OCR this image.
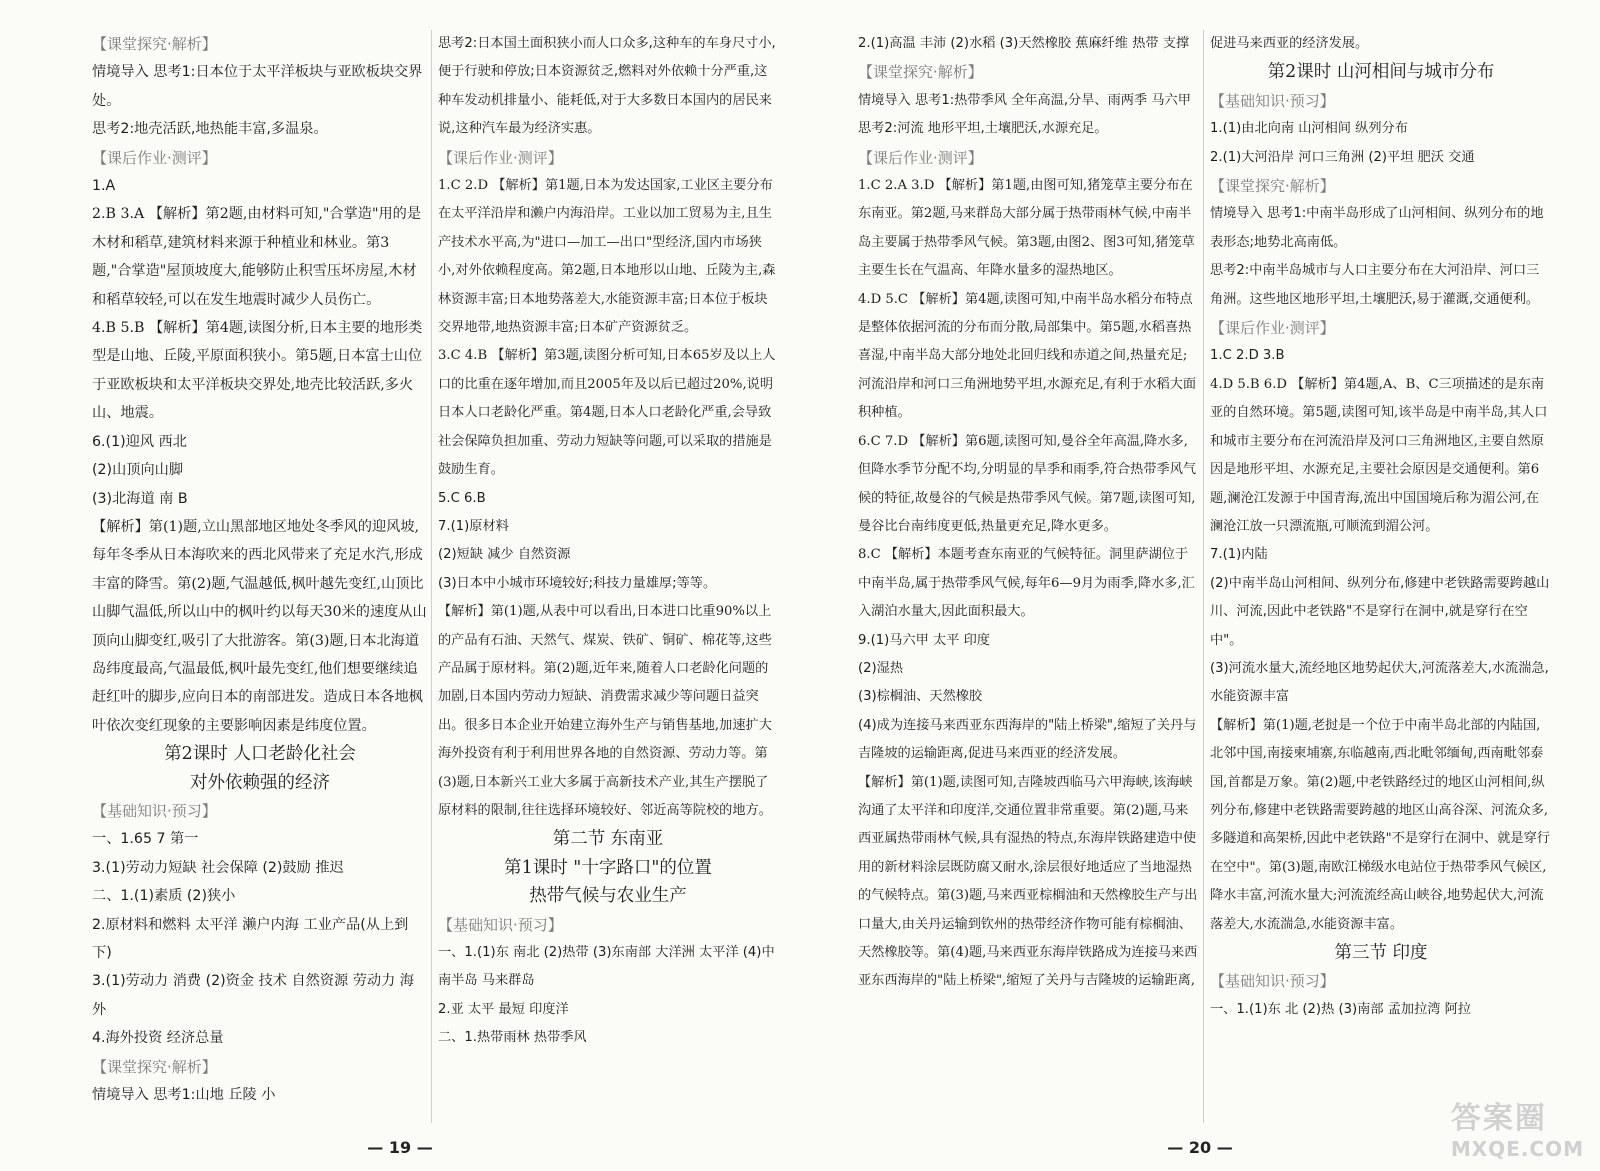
【课堂探究·解析】

情境导入 思考1:日本位于太平洋板块与亚欧板块交界处。

思考2:地壳活跃,地热能丰富,多温泉。

【课后作业·测评】

1.A

2.B 3.A 【解析】第2题,由材料可知,"合掌造"用的是木材和稻草,建筑材料来源于种植业和林业。第3题,"合掌造"屋顶坡度大,能够防止积雪压坏房屋,木材和稻草较轻,可以在发生地震时减少人员伤亡。

4.B 5.B 【解析】第4题,读图分析,日本主要的地形类型是山地、丘陵,平原面积狭小。第5题,日本富士山位于亚欧板块和太平洋板块交界处,地壳比较活跃,多火山、地震。

6.(1)迎风 西北

(2)山顶向山脚

(3)北海道 南 B

【解析】第(1)题,立山黑部地区地处冬季风的迎风坡,每年冬季从日本海吹来的西北风带来了充足水汽,形成丰富的降雪。第(2)题,气温越低,枫叶越先变红,山顶比山脚气温低,所以山中的枫叶约以每天30米的速度从山顶向山脚变红,吸引了大批游客。第(3)题,日本北海道岛纬度最高,气温最低,枫叶最先变红,他们想要继续追赶红叶的脚步,应向日本的南部进发。造成日本各地枫叶依次变红现象的主要影响因素是纬度位置。

第2课时 人口老龄化社会

对外依赖强的经济

【基础知识·预习】

一、1.65 7 第一

3.(1)劳动力短缺 社会保障 (2)鼓励 推迟

二、1.(1)素质 (2)狭小

2.原材料和燃料 太平洋 濑户内海 工业产品(从上到下)

3.(1)劳动力 消费 (2)资金 技术 自然资源 劳动力 海外

4.海外投资 经济总量

【课堂探究·解析】

情境导入 思考1:山地 丘陵 小

思考2:日本国土面积狭小而人口众多,这种车的车身尺寸小,便于行驶和停放;日本资源贫乏,燃料对外依赖十分严重,这种车发动机排量小、能耗低,对于大多数日本国内的居民来说,这种汽车最为经济实惠。

【课后作业·测评】

1.C 2.D 【解析】第1题,日本为发达国家,工业区主要分布在太平洋沿岸和濑户内海沿岸。工业以加工贸易为主,且生产技术水平高,为"进口—加工—出口"型经济,国内市场狭小,对外依赖程度高。第2题,日本地形以山地、丘陵为主,森林资源丰富;日本地势落差大,水能资源丰富;日本位于板块交界地带,地热资源丰富;日本矿产资源贫乏。

3.C 4.B 【解析】第3题,读图分析可知,日本65岁及以上人口的比重在逐年增加,而且2005年及以后已超过20%,说明日本人口老龄化严重。第4题,日本人口老龄化严重,会导致社会保障负担加重、劳动力短缺等问题,可以采取的措施是鼓励生育。

5.C 6.B

7.(1)原材料

(2)短缺 减少 自然资源

(3)日本中小城市环境较好;科技力量雄厚;等等。

【解析】第(1)题,从表中可以看出,日本进口比重90%以上的产品有石油、天然气、煤炭、铁矿、铜矿、棉花等,这些产品属于原材料。第(2)题,近年来,随着人口老龄化问题的加剧,日本国内劳动力短缺、消费需求减少等问题日益突出。很多日本企业开始建立海外生产与销售基地,加速扩大海外投资有利于利用世界各地的自然资源、劳动力等。第(3)题,日本新兴工业大多属于高新技术产业,其生产摆脱了原材料的限制,往往选择环境较好、邻近高等院校的地方。

第二节 东南亚

第1课时 "十字路口"的位置

热带气候与农业生产

【基础知识·预习】

一、1.(1)东 南北 (2)热带 (3)东南部 大洋洲 太平洋 (4)中南半岛 马来群岛

2.亚 太平 最短 印度洋

二、1.热带雨林 热带季风

— 19 —

2.(1)高温 丰沛 (2)水稻 (3)天然橡胶 蕉麻纤维 热带 支撑

【课堂探究·解析】

情境导入 思考1:热带季风 全年高温,分旱、雨两季 马六甲

思考2:河流 地形平坦,土壤肥沃,水源充足。

【课后作业·测评】

1.C 2.A 3.D 【解析】第1题,由图可知,猪笼草主要分布在东南亚。第2题,马来群岛大部分属于热带雨林气候,中南半岛主要属于热带季风气候。第3题,由图2、图3可知,猪笼草主要生长在气温高、年降水量多的湿热地区。

4.D 5.C 【解析】第4题,读图可知,中南半岛水稻分布特点是整体依据河流的分布而分散,局部集中。第5题,水稻喜热喜湿,中南半岛大部分地处北回归线和赤道之间,热量充足;河流沿岸和河口三角洲地势平坦,水源充足,有利于水稻大面积种植。

6.C 7.D 【解析】第6题,读图可知,曼谷全年高温,降水多,但降水季节分配不均,分明显的旱季和雨季,符合热带季风气候的特征,故曼谷的气候是热带季风气候。第7题,读图可知,曼谷比台南纬度更低,热量更充足,降水更多。

8.C 【解析】本题考查东南亚的气候特征。洞里萨湖位于中南半岛,属于热带季风气候,每年6—9月为雨季,降水多,汇入湖泊水量大,因此面积最大。

9.(1)马六甲 太平 印度

(2)湿热

(3)棕榈油、天然橡胶

(4)成为连接马来西亚东西海岸的"陆上桥梁",缩短了关丹与吉隆坡的运输距离,促进马来西亚的经济发展。

【解析】第(1)题,读图可知,吉隆坡西临马六甲海峡,该海峡沟通了太平洋和印度洋,交通位置非常重要。第(2)题,马来西亚属热带雨林气候,具有湿热的特点,东海岸铁路建造中使用的新材料涂层既防腐又耐水,涂层很好地适应了当地湿热的气候特点。第(3)题,马来西亚棕榈油和天然橡胶生产与出口量大,由关丹运输到钦州的热带经济作物可能有棕榈油、天然橡胶等。第(4)题,马来西亚东海岸铁路成为连接马来西亚东西海岸的"陆上桥梁",缩短了关丹与吉隆坡的运输距离,

促进马来西亚的经济发展。

第2课时 山河相间与城市分布

【基础知识·预习】

1.(1)由北向南 山河相间 纵列分布

2.(1)大河沿岸 河口三角洲 (2)平坦 肥沃 交通

【课堂探究·解析】

情境导入 思考1:中南半岛形成了山河相间、纵列分布的地表形态;地势北高南低。

思考2:中南半岛城市与人口主要分布在大河沿岸、河口三角洲。这些地区地形平坦,土壤肥沃,易于灌溉,交通便利。

【课后作业·测评】

1.C 2.D 3.B

4.D 5.B 6.D 【解析】第4题,A、B、C三项描述的是东南亚的自然环境。第5题,读图可知,该半岛是中南半岛,其人口和城市主要分布在河流沿岸及河口三角洲地区,主要自然原因是地形平坦、水源充足,主要社会原因是交通便利。第6题,澜沧江发源于中国青海,流出中国国境后称为湄公河,在澜沧江放一只漂流瓶,可顺流到湄公河。

7.(1)内陆

(2)中南半岛山河相间、纵列分布,修建中老铁路需要跨越山川、河流,因此中老铁路"不是穿行在洞中,就是穿行在空中"。

(3)河流水量大,流经地区地势起伏大,河流落差大,水流湍急,水能资源丰富

【解析】第(1)题,老挝是一个位于中南半岛北部的内陆国,北邻中国,南接柬埔寨,东临越南,西北毗邻缅甸,西南毗邻泰国,首都是万象。第(2)题,中老铁路经过的地区山河相间,纵列分布,修建中老铁路需要跨越的地区山高谷深、河流众多,多隧道和高架桥,因此中老铁路"不是穿行在洞中、就是穿行在空中"。第(3)题,南欧江梯级水电站位于热带季风气候区,降水丰富,河流水量大;河流流经高山峡谷,地势起伏大,河流落差大,水流湍急,水能资源丰富。

第三节 印度

【基础知识·预习】

一、1.(1)东 北 (2)热 (3)南部 孟加拉湾 阿拉

— 20 —
答案圈
MXQE.COM
